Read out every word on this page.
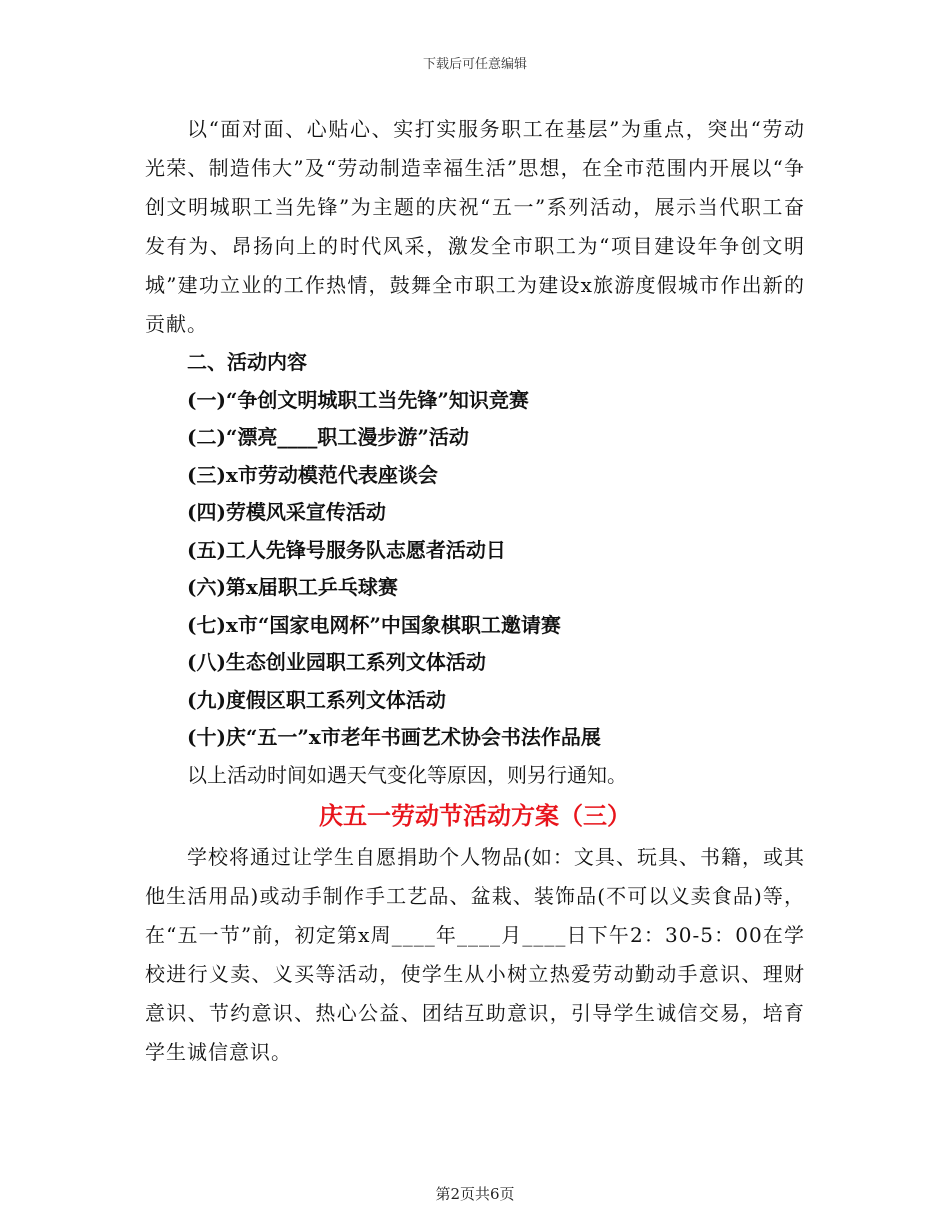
下载后可任意编辑

以“面对面、心贴心、实打实服务职工在基层”为重点，突出“劳动光荣、制造伟大”及“劳动制造幸福生活”思想，在全市范围内开展以“争创文明城职工当先锋”为主题的庆祝“五一”系列活动，展示当代职工奋发有为、昂扬向上的时代风采，激发全市职工为“项目建设年争创文明城”建功立业的工作热情，鼓舞全市职工为建设x旅游度假城市作出新的贡献。

二、活动内容

(一)“争创文明城职工当先锋”知识竞赛

(二)“漂亮____职工漫步游”活动

(三)x市劳动模范代表座谈会

(四)劳模风采宣传活动

(五)工人先锋号服务队志愿者活动日

(六)第x届职工乒乓球赛

(七)x市“国家电网杯”中国象棋职工邀请赛

(八)生态创业园职工系列文体活动

(九)度假区职工系列文体活动

(十)庆“五一”x市老年书画艺术协会书法作品展

以上活动时间如遇天气变化等原因，则另行通知。

庆五一劳动节活动方案（三）

学校将通过让学生自愿捐助个人物品(如：文具、玩具、书籍，或其他生活用品)或动手制作手工艺品、盆栽、装饰品(不可以义卖食品)等，在“五一节”前，初定第x周____年____月____日下午2：30-5：00在学校进行义卖、义买等活动，使学生从小树立热爱劳动勤动手意识、理财意识、节约意识、热心公益、团结互助意识，引导学生诚信交易，培育学生诚信意识。

第2页共6页
